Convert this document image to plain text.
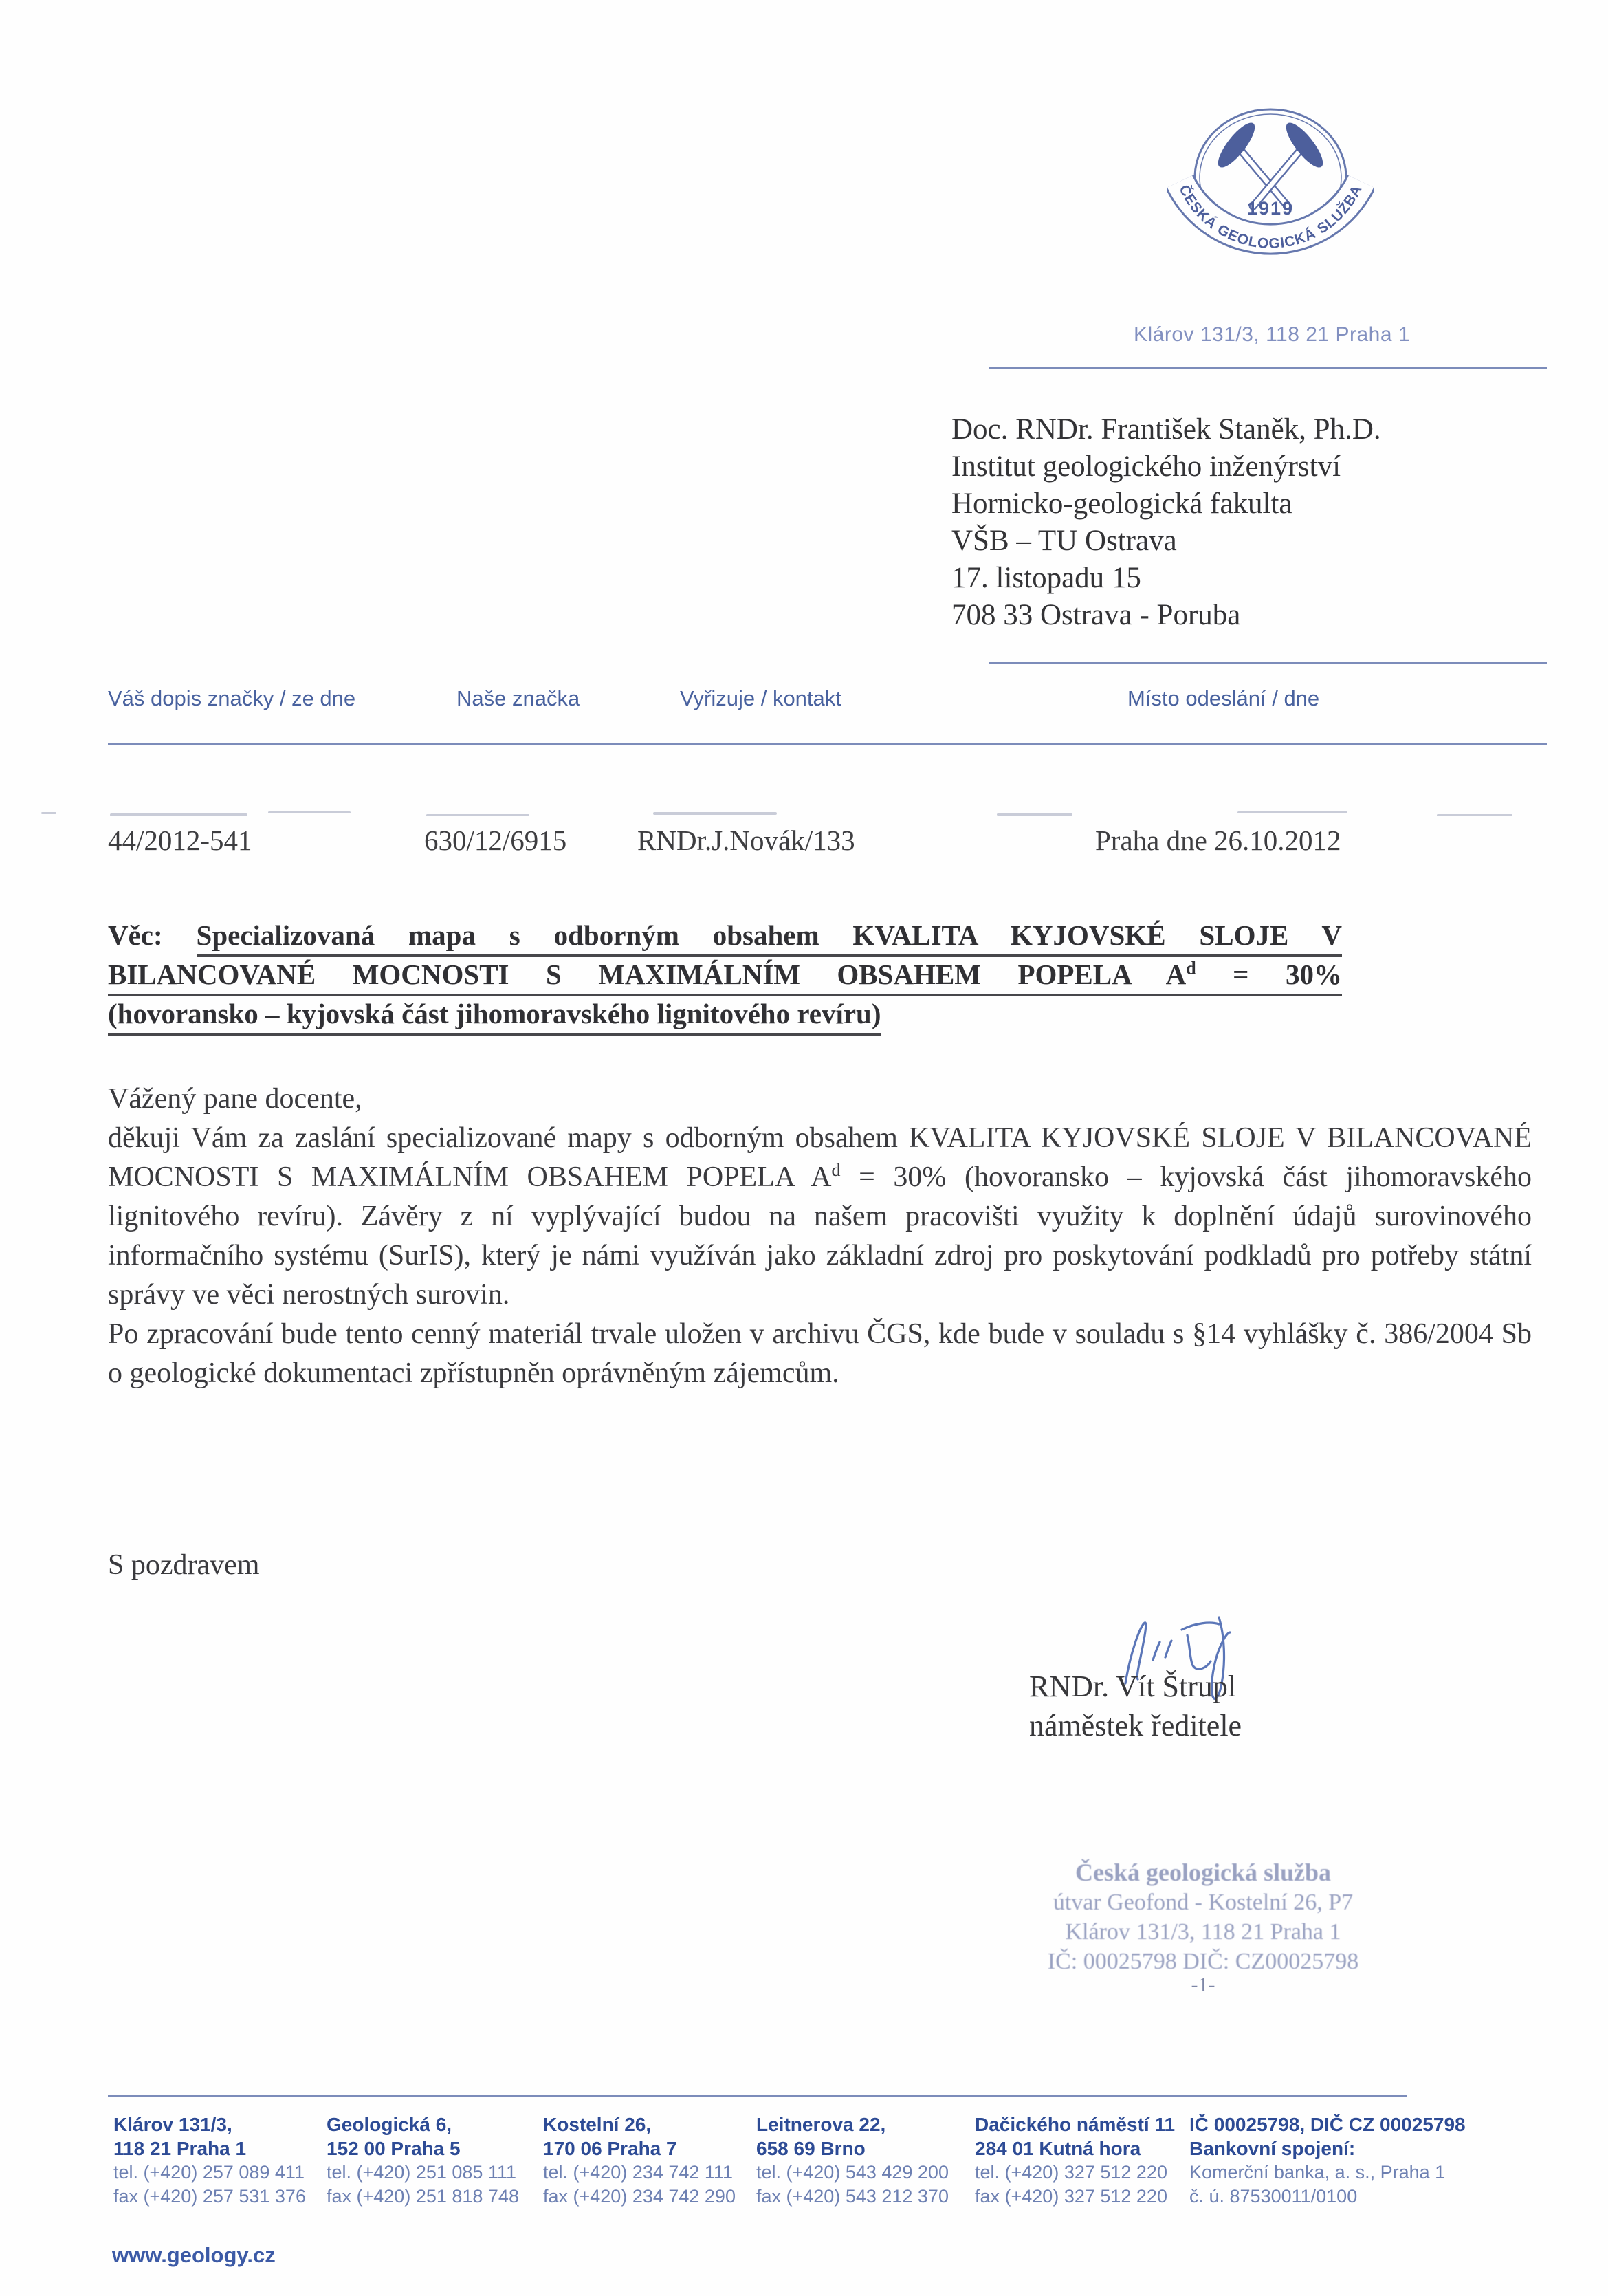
1919
ČESKÁ GEOLOGICKÁ SLUŽBA
Klárov 131/3, 118 21 Praha 1
Doc. RNDr. František Staněk, Ph.D.
Institut geologického inženýrství
Hornicko-geologická fakulta
VŠB – TU Ostrava
17. listopadu 15
708 33 Ostrava - Poruba
Váš dopis značky / ze dne	Naše značka	Vyřizuje / kontakt	Místo odeslání / dne
44/2012-541	630/12/6915	RNDr.J.Novák/133	Praha dne 26.10.2012
Věc: Specializovaná mapa s odborným obsahem KVALITA KYJOVSKÉ SLOJE V
BILANCOVANÉ MOCNOSTI S MAXIMÁLNÍM OBSAHEM POPELA $A^d = 30\%$
(hovoransko – kyjovská část jihomoravského lignitového revíru)
Vážený pane docente,

děkuji Vám za zaslání specializované mapy s odborným obsahem KVALITA KYJOVSKÉ SLOJE V BILANCOVANÉ MOCNOSTI S MAXIMÁLNÍM OBSAHEM POPELA $A^d = 30\%$ (hovoransko – kyjovská část jihomoravského lignitového revíru). Závěry z ní vyplývající budou na našem pracovišti využity k doplnění údajů surovinového informačního systému (SurIS), který je námi využíván jako základní zdroj pro poskytování podkladů pro potřeby státní správy ve věci nerostných surovin.

Po zpracování bude tento cenný materiál trvale uložen v archivu ČGS, kde bude v souladu s §14 vyhlášky č. 386/2004 Sb o geologické dokumentaci zpřístupněn oprávněným zájemcům.

S pozdravem
RNDr. Vít Štrupl
náměstek ředitele
Česká geologická služba
útvar Geofond - Kostelní 26, P7
Klárov 131/3, 118 21 Praha 1
IČ: 00025798 DIČ: CZ00025798
-1-
Klárov 131/3,
118 21 Praha 1
tel. (+420) 257 089 411
fax (+420) 257 531 376
Geologická 6,
152 00 Praha 5
tel. (+420) 251 085 111
fax (+420) 251 818 748
Kostelní 26,
170 06 Praha 7
tel. (+420) 234 742 111
fax (+420) 234 742 290
Leitnerova 22,
658 69 Brno
tel. (+420) 543 429 200
fax (+420) 543 212 370
Dačického náměstí 11
284 01 Kutná hora
tel. (+420) 327 512 220
fax (+420) 327 512 220
IČ 00025798, DIČ CZ 00025798
Bankovní spojení:
Komerční banka, a. s., Praha 1
č. ú. 87530011/0100
www.geology.cz
